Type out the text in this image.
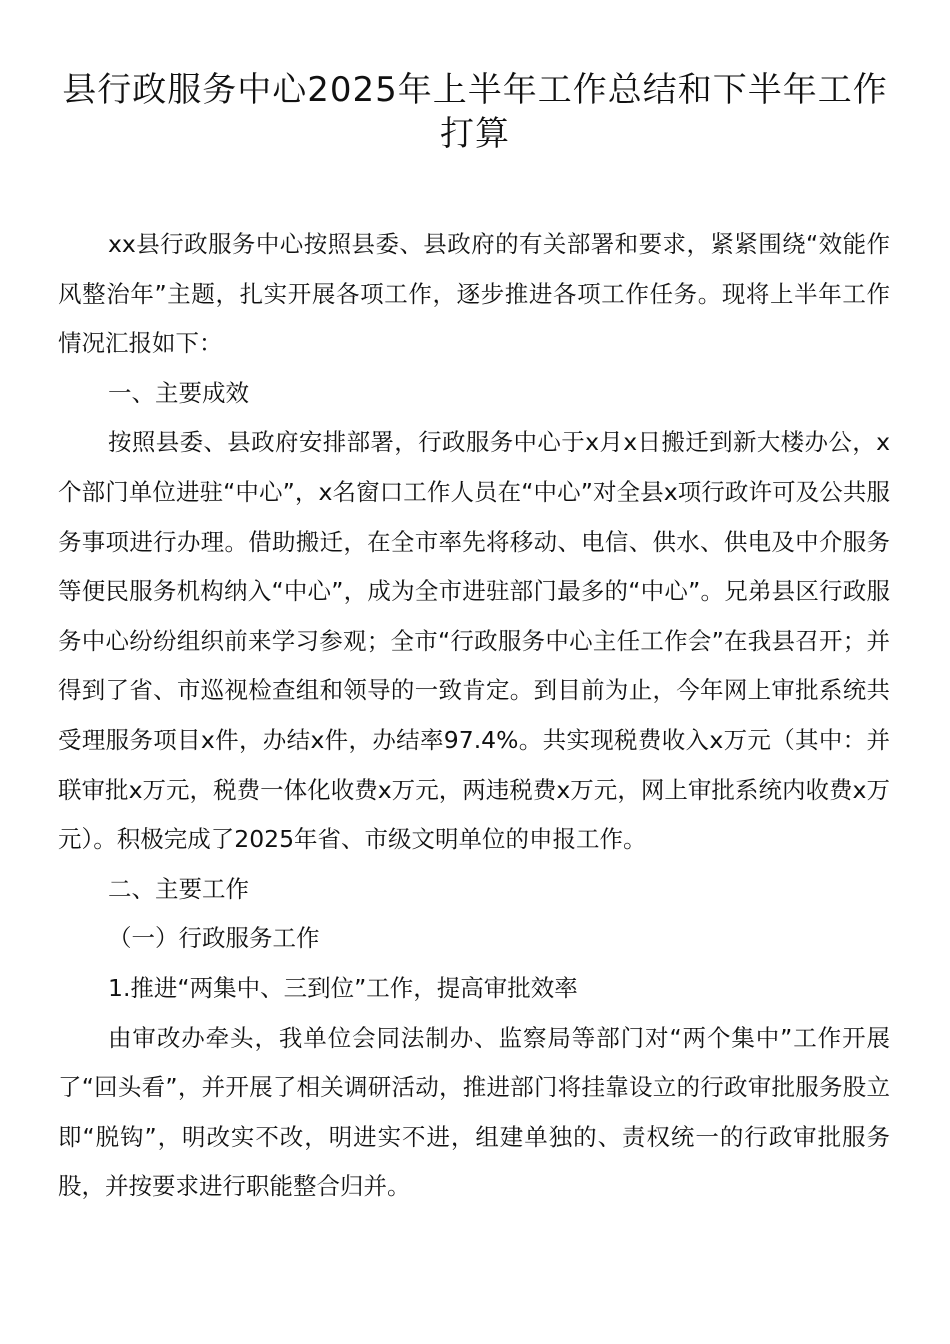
县行政服务中心2025年上半年工作总结和下半年工作打算

xx县行政服务中心按照县委、县政府的有关部署和要求，紧紧围绕“效能作风整治年”主题，扎实开展各项工作，逐步推进各项工作任务。现将上半年工作情况汇报如下：

一、主要成效

按照县委、县政府安排部署，行政服务中心于x月x日搬迁到新大楼办公，x个部门单位进驻“中心”，x名窗口工作人员在“中心”对全县x项行政许可及公共服务事项进行办理。借助搬迁，在全市率先将移动、电信、供水、供电及中介服务等便民服务机构纳入“中心”，成为全市进驻部门最多的“中心”。兄弟县区行政服务中心纷纷组织前来学习参观；全市“行政服务中心主任工作会”在我县召开；并得到了省、市巡视检查组和领导的一致肯定。到目前为止，今年网上审批系统共受理服务项目x件，办结x件，办结率97.4%。共实现税费收入x万元（其中：并联审批x万元，税费一体化收费x万元，两违税费x万元，网上审批系统内收费x万元）。积极完成了2025年省、市级文明单位的申报工作。

二、主要工作

（一）行政服务工作

1.推进“两集中、三到位”工作，提高审批效率

由审改办牵头，我单位会同法制办、监察局等部门对“两个集中”工作开展了“回头看”，并开展了相关调研活动，推进部门将挂靠设立的行政审批服务股立即“脱钩”，明改实不改，明进实不进，组建单独的、责权统一的行政审批服务股，并按要求进行职能整合归并。
